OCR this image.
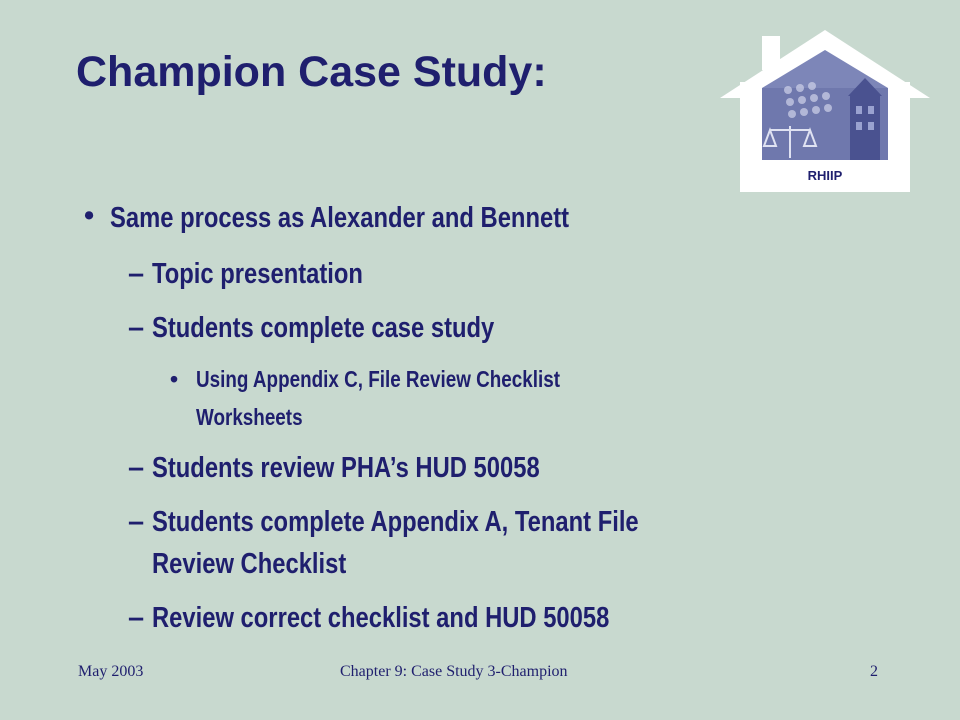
Champion Case Study:
RHIIP
• Same process as Alexander and Bennett
– Topic presentation
– Students complete case study
• Using Appendix C, File Review Checklist
Worksheets
– Students review PHA’s HUD 50058
– Students complete Appendix A, Tenant File
Review Checklist
– Review correct checklist and HUD 50058
May 2003	Chapter 9: Case Study 3-Champion	2
